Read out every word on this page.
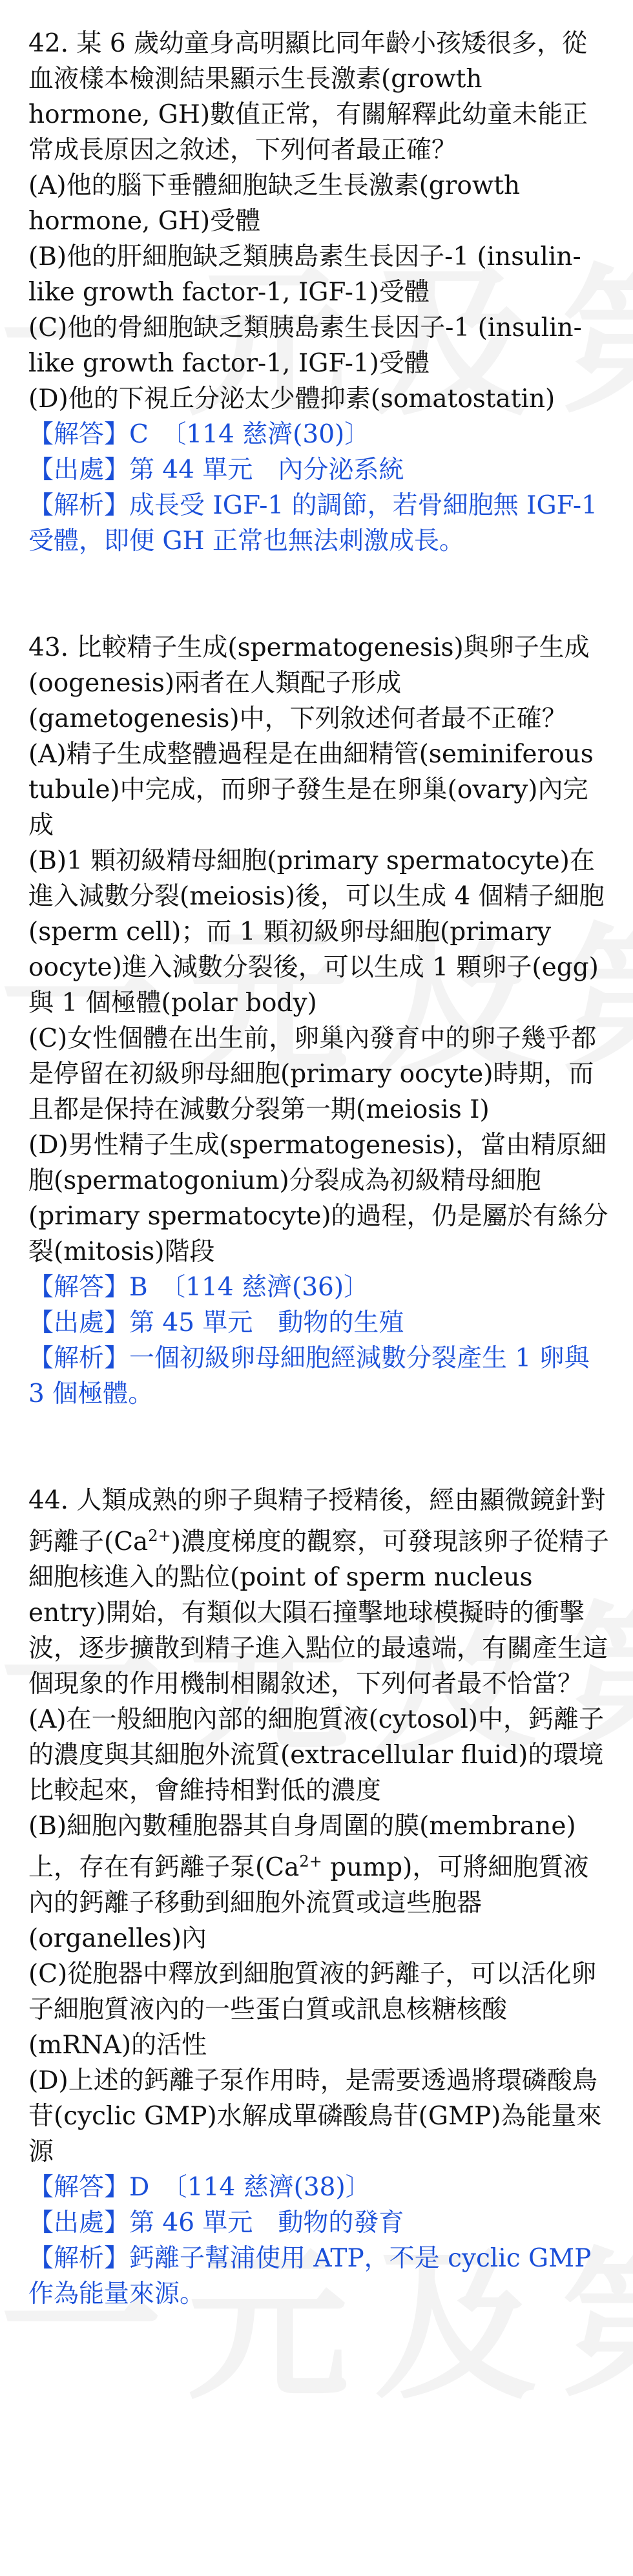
42. 某 6 歲幼童身高明顯比同年齡小孩矮很多，從血液樣本檢測結果顯示生長激素(growth hormone, GH)數值正常，有關解釋此幼童未能正常成長原因之敘述，下列何者最正確？

(A)他的腦下垂體細胞缺乏生長激素(growth hormone, GH)受體

(B)他的肝細胞缺乏類胰島素生長因子-1 (insulin-like growth factor-1, IGF-1)受體

(C)他的骨細胞缺乏類胰島素生長因子-1 (insulin-like growth factor-1, IGF-1)受體

(D)他的下視丘分泌太少體抑素(somatostatin)

【解答】C　〔114 慈濟(30)〕

【出處】第 44 單元　內分泌系統

【解析】成長受 IGF-1 的調節，若骨細胞無 IGF-1 受體，即便 GH 正常也無法刺激成長。

43. 比較精子生成(spermatogenesis)與卵子生成(oogenesis)兩者在人類配子形成(gametogenesis)中，下列敘述何者最不正確？

(A)精子生成整體過程是在曲細精管(seminiferous tubule)中完成，而卵子發生是在卵巢(ovary)內完成

(B)1 顆初級精母細胞(primary spermatocyte)在進入減數分裂(meiosis)後，可以生成 4 個精子細胞(sperm cell)；而 1 顆初級卵母細胞(primary oocyte)進入減數分裂後，可以生成 1 顆卵子(egg)與 1 個極體(polar body)

(C)女性個體在出生前，卵巢內發育中的卵子幾乎都是停留在初級卵母細胞(primary oocyte)時期，而且都是保持在減數分裂第一期(meiosis I)

(D)男性精子生成(spermatogenesis)，當由精原細胞(spermatogonium)分裂成為初級精母細胞(primary spermatocyte)的過程，仍是屬於有絲分裂(mitosis)階段

【解答】B　〔114 慈濟(36)〕

【出處】第 45 單元　動物的生殖

【解析】一個初級卵母細胞經減數分裂產生 1 卵與 3 個極體。

44. 人類成熟的卵子與精子授精後，經由顯微鏡針對鈣離子$(Ca^{2+})$濃度梯度的觀察，可發現該卵子從精子細胞核進入的點位(point of sperm nucleus entry)開始，有類似大隕石撞擊地球模擬時的衝擊波，逐步擴散到精子進入點位的最遠端，有關產生這個現象的作用機制相關敘述，下列何者最不恰當？

(A)在一般細胞內部的細胞質液(cytosol)中，鈣離子的濃度與其細胞外流質(extracellular fluid)的環境比較起來，會維持相對低的濃度

(B)細胞內數種胞器其自身周圍的膜(membrane)上，存在有鈣離子泵($Ca^{2+}$ pump)，可將細胞質液內的鈣離子移動到細胞外流質或這些胞器(organelles)內

(C)從胞器中釋放到細胞質液的鈣離子，可以活化卵子細胞質液內的一些蛋白質或訊息核糖核酸(mRNA)的活性

(D)上述的鈣離子泵作用時，是需要透過將環磷酸鳥苷(cyclic GMP)水解成單磷酸鳥苷(GMP)為能量來源

【解答】D　〔114 慈濟(38)〕

【出處】第 46 單元　動物的發育

【解析】鈣離子幫浦使用 ATP，不是 cyclic GMP 作為能量來源。
